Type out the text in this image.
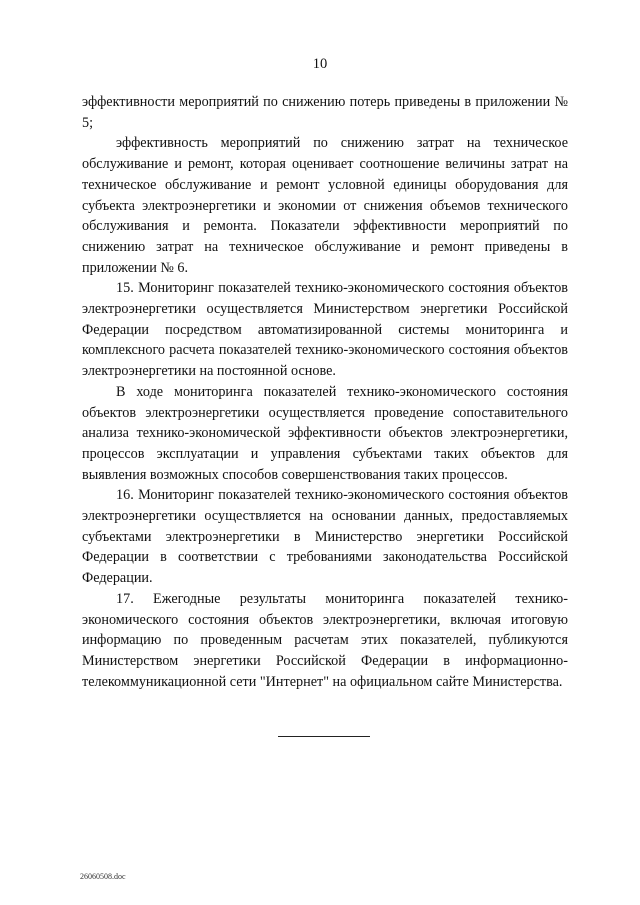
10

эффективности мероприятий по снижению потерь приведены в приложении № 5;

эффективность мероприятий по снижению затрат на техническое обслуживание и ремонт, которая оценивает соотношение величины затрат на техническое обслуживание и ремонт условной единицы оборудования для субъекта электроэнергетики и экономии от снижения объемов технического обслуживания и ремонта. Показатели эффективности мероприятий по снижению затрат на техническое обслуживание и ремонт приведены в приложении № 6.

15. Мониторинг показателей технико-экономического состояния объектов электроэнергетики осуществляется Министерством энергетики Российской Федерации посредством автоматизированной системы мониторинга и комплексного расчета показателей технико-экономического состояния объектов электроэнергетики на постоянной основе.

В ходе мониторинга показателей технико-экономического состояния объектов электроэнергетики осуществляется проведение сопоставительного анализа технико-экономической эффективности объектов электроэнергетики, процессов эксплуатации и управления субъектами таких объектов для выявления возможных способов совершенствования таких процессов.

16. Мониторинг показателей технико-экономического состояния объектов электроэнергетики осуществляется на основании данных, предоставляемых субъектами электроэнергетики в Министерство энергетики Российской Федерации в соответствии с требованиями законодательства Российской Федерации.

17. Ежегодные результаты мониторинга показателей технико-экономического состояния объектов электроэнергетики, включая итоговую информацию по проведенным расчетам этих показателей, публикуются Министерством энергетики Российской Федерации в информационно-телекоммуникационной сети "Интернет" на официальном сайте Министерства.

26060508.doc
